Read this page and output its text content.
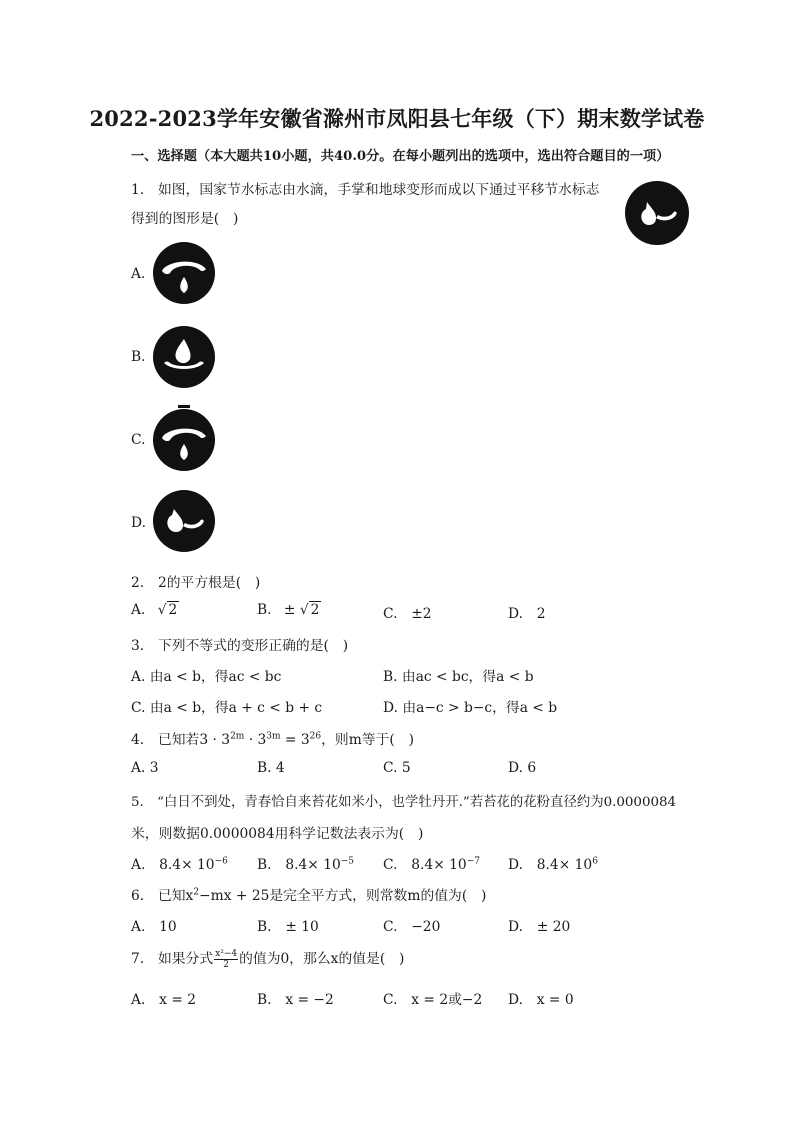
2022-2023学年安徽省滁州市凤阳县七年级（下）期末数学试卷
一、选择题（本大题共10小题，共40.0分。在每小题列出的选项中，选出符合题目的一项）
1.　如图，国家节水标志由水滴，手掌和地球变形而成以下通过平移节水标志
得到的图形是(　)
A.
B.
C.
D.
2.　2的平方根是(　)
A. √ 2	B. ± √ 2	C.　±2	D.　2
3.　下列不等式的变形正确的是(　)
A. 由a < b，得ac < bc	B. 由ac < bc，得a < b
C. 由a < b，得a + c < b + c	D. 由a−c > b−c，得a < b
4.　已知若$3 \cdot 3^{2m} \cdot 3^{3m} = 3^{26}$，则m等于(　)
A. 3	B. 4	C. 5	D. 6
5.　“白日不到处，青春恰自来苔花如米小，也学牡丹开.”若苔花的花粉直径约为0.0000084
米，则数据0.0000084用科学记数法表示为(　)
A.　$8.4\times 10^{-6}$ B.　$8.4\times 10^{-5}$ C.　$8.4\times 10^{-7}$ D.　$8.4\times 10^6$
6.　已知$x^2-mx + 25$是完全平方式，则常数m的值为(　)
A.　10	B.　± 10	C.　−20	D.　± 20
7.　如果分式 $\frac{\text{x²−4}}{2}$ 的值为0，那么x的值是(　)
A.　x = 2	B.　x = −2	C.　x = 2或−2 D.　x = 0
